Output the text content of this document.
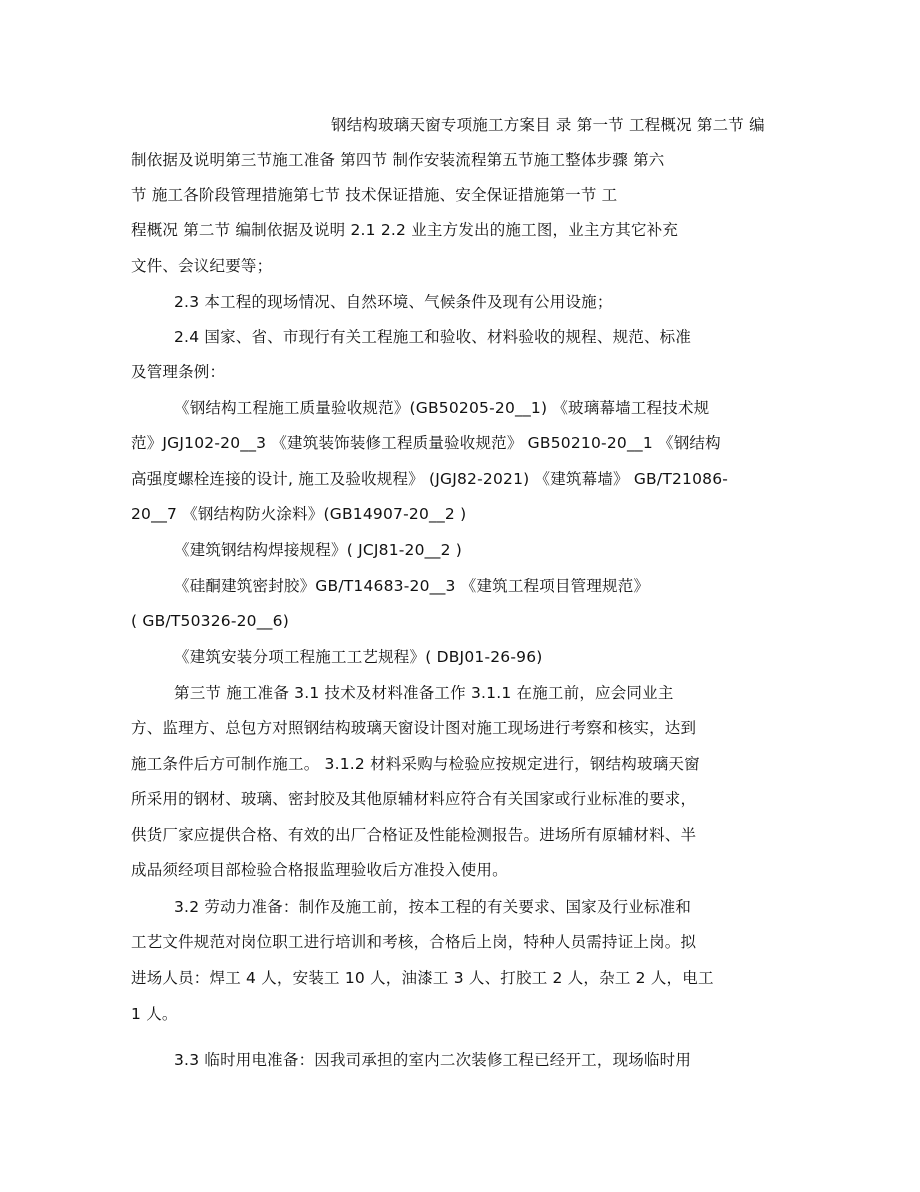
钢结构玻璃天窗专项施工方案目 录 第一节 工程概况 第二节 编
制依据及说明第三节施工准备 第四节 制作安装流程第五节施工整体步骤 第六
节 施工各阶段管理措施第七节 技术保证措施、安全保证措施第一节 工
程概况 第二节 编制依据及说明 2.1 2.2 业主方发出的施工图，业主方其它补充
文件、会议纪要等；
2.3 本工程的现场情况、自然环境、气候条件及现有公用设施；
2.4 国家、省、市现行有关工程施工和验收、材料验收的规程、规范、标准
及管理条例：
《钢结构工程施工质量验收规范》(GB50205-20__1) 《玻璃幕墙工程技术规
范》JGJ102-20__3 《建筑装饰装修工程质量验收规范》 GB50210-20__1 《钢结构
高强度螺栓连接的设计, 施工及验收规程》 (JGJ82-2021) 《建筑幕墙》 GB/T21086-
20__7 《钢结构防火涂料》(GB14907-20__2 )
《建筑钢结构焊接规程》( JCJ81-20__2 )
《硅酮建筑密封胶》GB/T14683-20__3 《建筑工程项目管理规范》
( GB/T50326-20__6)
《建筑安装分项工程施工工艺规程》( DBJ01-26-96)
第三节 施工准备 3.1 技术及材料准备工作 3.1.1 在施工前，应会同业主
方、监理方、总包方对照钢结构玻璃天窗设计图对施工现场进行考察和核实，达到
施工条件后方可制作施工。 3.1.2 材料采购与检验应按规定进行，钢结构玻璃天窗
所采用的钢材、玻璃、密封胶及其他原辅材料应符合有关国家或行业标准的要求，
供货厂家应提供合格、有效的出厂合格证及性能检测报告。进场所有原辅材料、半
成品须经项目部检验合格报监理验收后方准投入使用。
3.2 劳动力准备：制作及施工前，按本工程的有关要求、国家及行业标准和
工艺文件规范对岗位职工进行培训和考核，合格后上岗，特种人员需持证上岗。拟
进场人员：焊工 4 人，安装工 10 人，油漆工 3 人、打胶工 2 人，杂工 2 人，电工
1 人。
3.3 临时用电准备：因我司承担的室内二次装修工程已经开工，现场临时用
